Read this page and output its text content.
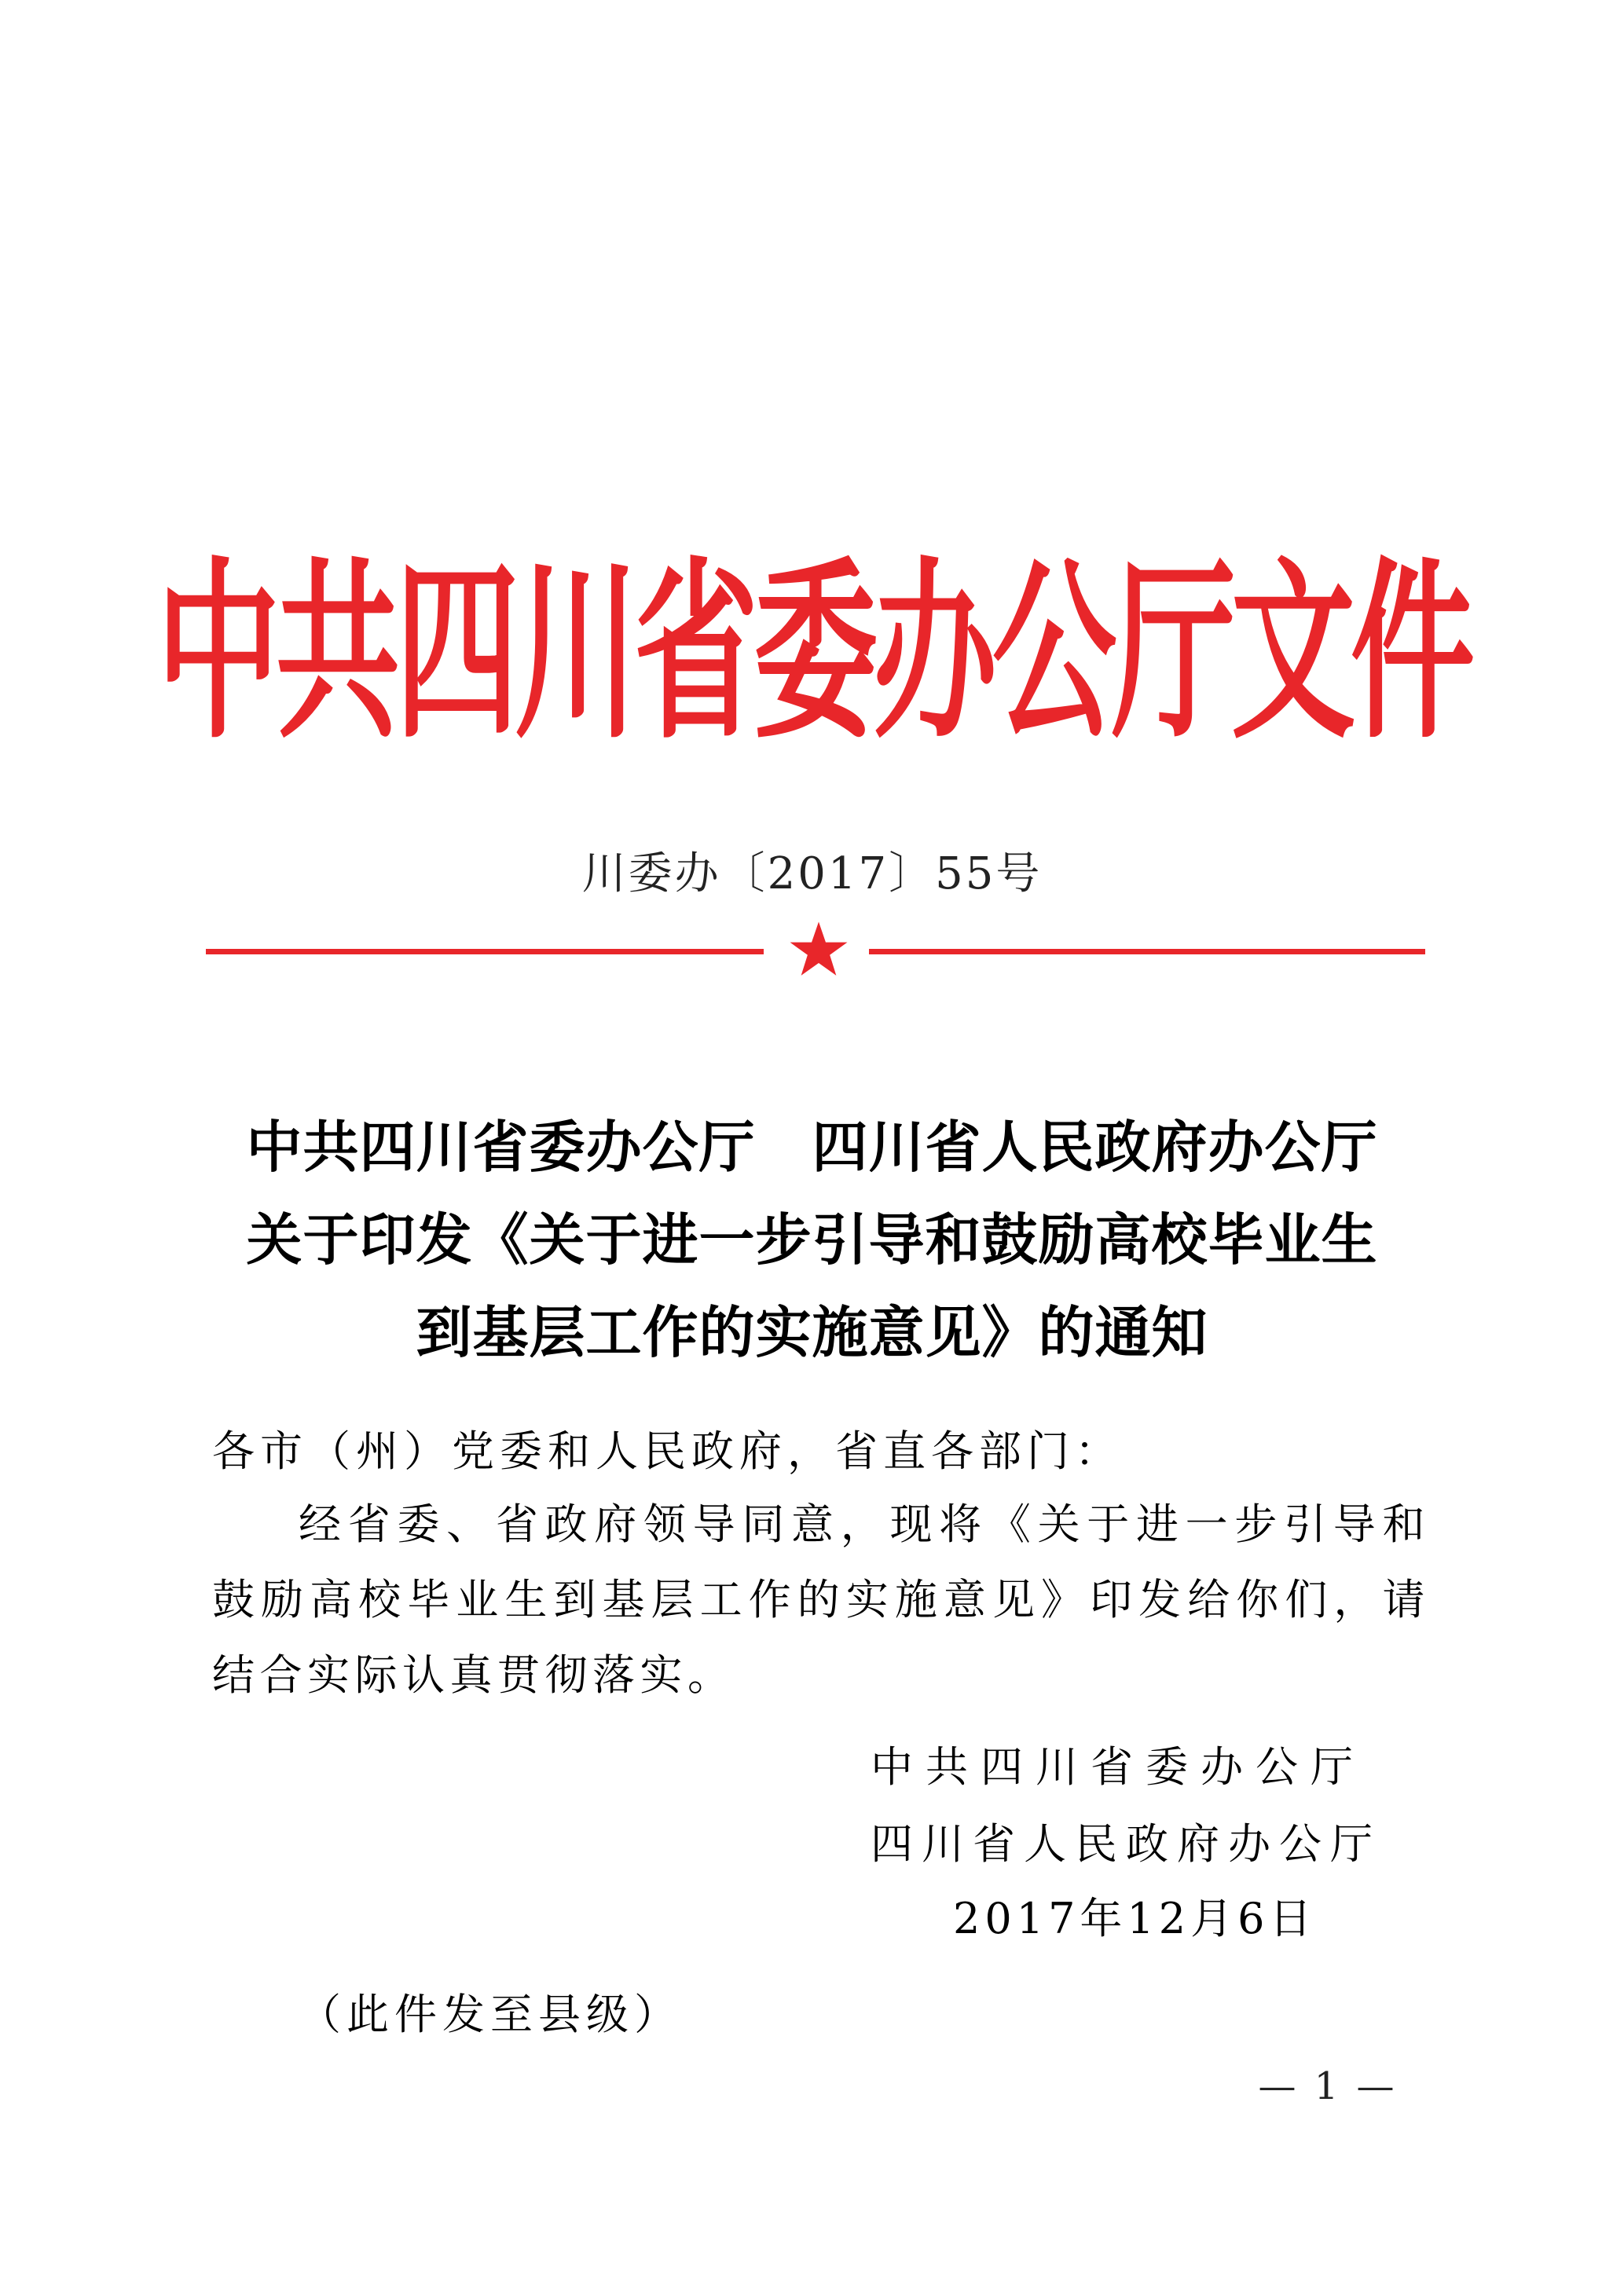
中共四川省委办公厅文件
川委办〔2017〕55号
中共四川省委办公厅　四川省人民政府办公厅
关于印发《关于进一步引导和鼓励高校毕业生
到基层工作的实施意见》的通知
各市（州）党委和人民政府，省直各部门：

经省委、省政府领导同意，现将《关于进一步引导和鼓励高校毕业生到基层工作的实施意见》印发给你们，请结合实际认真贯彻落实。

中共四川省委办公厅
四川省人民政府办公厅
2017年12月6日
（此件发至县级）
— 1 —
